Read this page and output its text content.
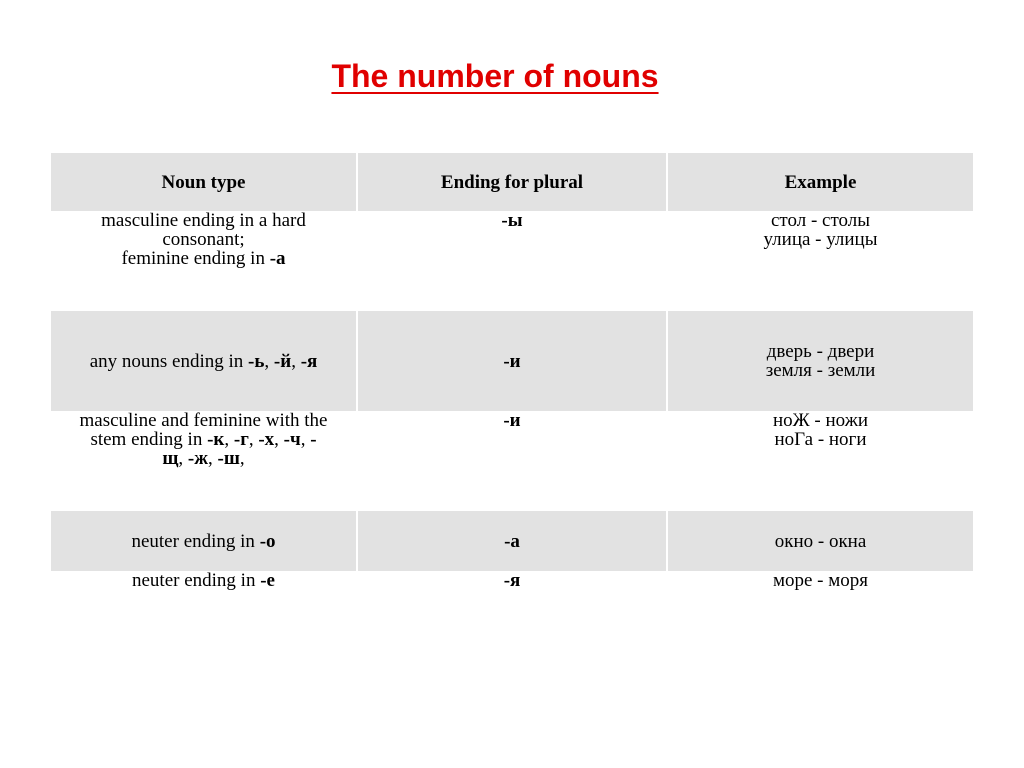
The number of nouns
Noun type	Ending for plural	Example

masculine ending in a hard
consonant;
feminine ending in -а	-ы	стол - столы
улица - улицы

any nouns ending in -ь, -й, -я	-и	дверь - двери
земля - земли

masculine and feminine with the
stem ending in -к, -г, -х, -ч, -
щ, -ж, -ш,	-и	ноЖ - ножи
ноГа - ноги

neuter ending in -о	-а	окно - окна

neuter ending in -е	-я	море - моря
